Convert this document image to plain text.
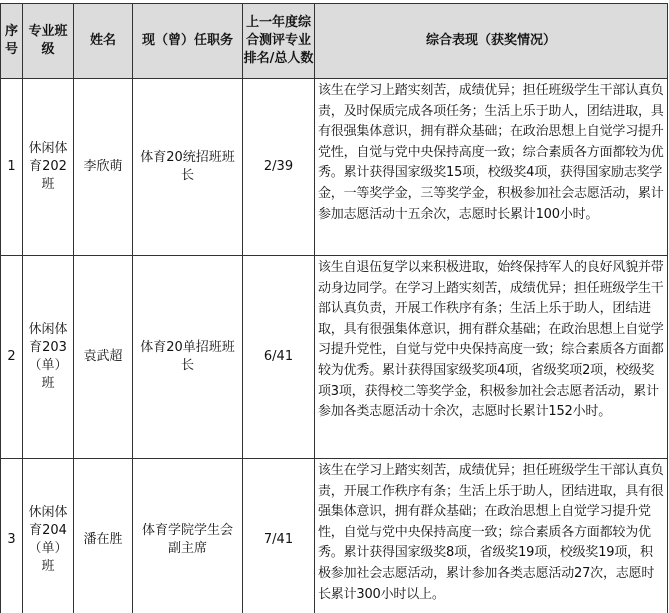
序号	专业班级	姓名	现（曾）任职务	上一年度综合测评专业排名/总人数	综合表现（获奖情况）
1	休闲体育202班	李欣萌	体育20统招班班长	2/39	该生在学习上踏实刻苦，成绩优异；担任班级学生干部认真负责，及时保质完成各项任务；生活上乐于助人，团结进取，具有很强集体意识，拥有群众基础；在政治思想上自觉学习提升党性，自觉与党中央保持高度一致；综合素质各方面都较为优秀。累计获得国家级奖15项，校级奖4项，获得国家励志奖学金，一等奖学金，三等奖学金，积极参加社会志愿活动，累计参加志愿活动十五余次，志愿时长累计100小时。
2	休闲体育203（单）班	袁武超	体育20单招班班长	6/41	该生自退伍复学以来积极进取，始终保持军人的良好风貌并带动身边同学。在学习上踏实刻苦，成绩优异；担任班级学生干部认真负责，开展工作秩序有条；生活上乐于助人，团结进取，具有很强集体意识，拥有群众基础；在政治思想上自觉学习提升党性，自觉与党中央保持高度一致；综合素质各方面都较为优秀。累计获得国家级奖项4项，省级奖项2项，校级奖项3项，获得校二等奖学金，积极参加社会志愿者活动，累计参加各类志愿活动十余次，志愿时长累计152小时。
3	休闲体育204（单）班	潘在胜	体育学院学生会副主席	7/41	该生在学习上踏实刻苦，成绩优异；担任班级学生干部认真负责，开展工作秩序有条；生活上乐于助人，团结进取，具有很强集体意识，拥有群众基础；在政治思想上自觉学习提升党性，自觉与党中央保持高度一致；综合素质各方面都较为优秀。累计获得国家级奖8项，省级奖19项，校级奖19项，积极参加社会志愿活动，累计参加各类志愿活动27次，志愿时长累计300小时以上。
